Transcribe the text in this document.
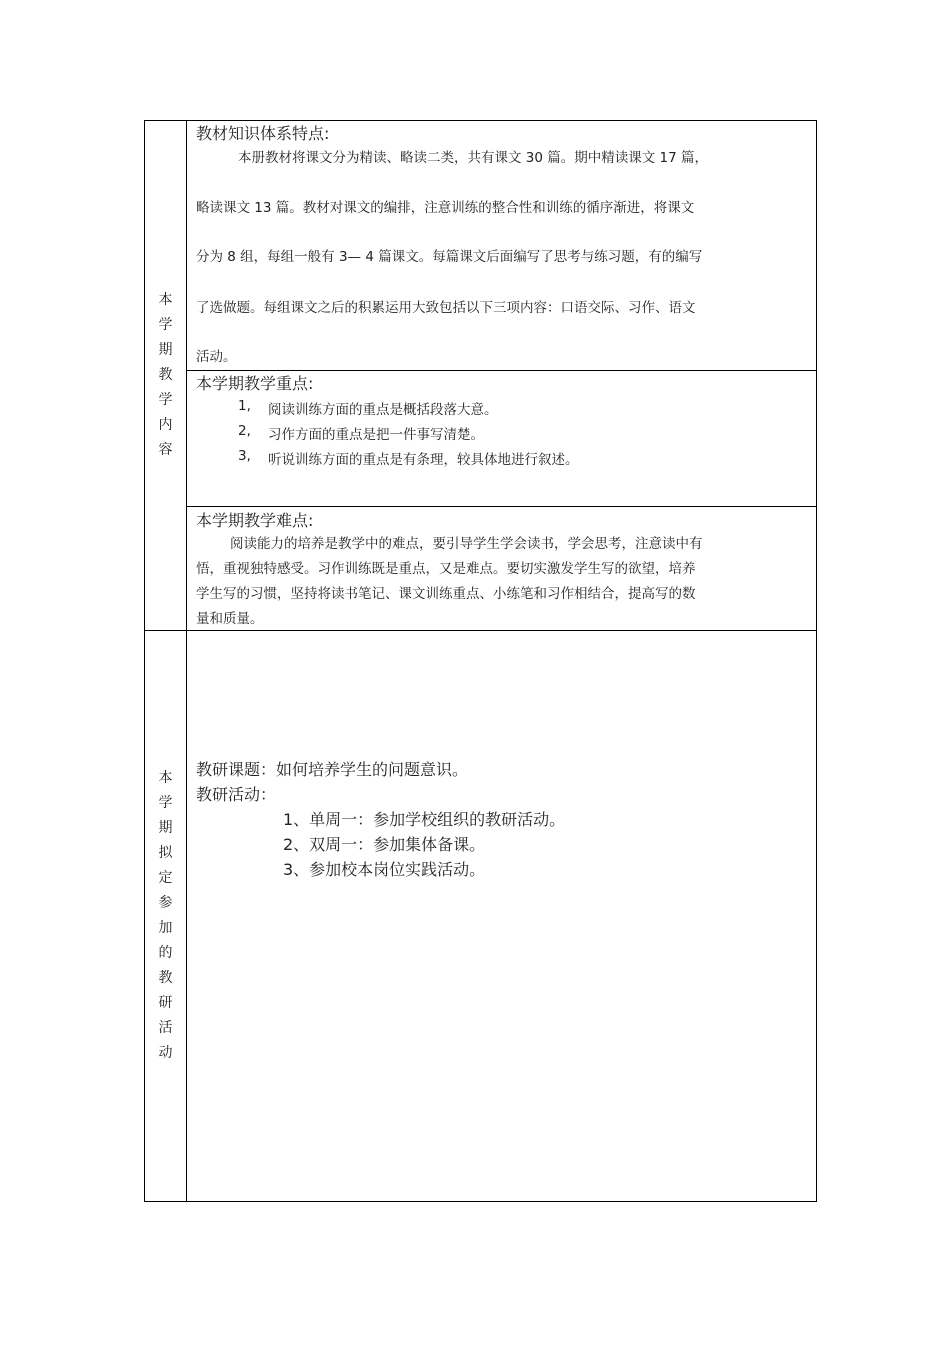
本
学
期
教
学
内
容
本
学
期
拟
定
参
加
的
教
研
活
动
教材知识体系特点:
本册教材将课文分为精读、略读二类，共有课文 30 篇。期中精读课文 17 篇，
略读课文 13 篇。教材对课文的编排，注意训练的整合性和训练的循序渐进，将课文
分为 8 组，每组一般有 3— 4 篇课文。每篇课文后面编写了思考与练习题，有的编写
了选做题。每组课文之后的积累运用大致包括以下三项内容：口语交际、习作、语文
活动。
本学期教学重点:
1, 阅读训练方面的重点是概括段落大意。
2, 习作方面的重点是把一件事写清楚。
3, 听说训练方面的重点是有条理，较具体地进行叙述。
本学期教学难点:
阅读能力的培养是教学中的难点，要引导学生学会读书，学会思考，注意读中有
悟，重视独特感受。习作训练既是重点，又是难点。要切实激发学生写的欲望，培养
学生写的习惯，坚持将读书笔记、课文训练重点、小练笔和习作相结合，提高写的数
量和质量。
教研课题：如何培养学生的问题意识。
教研活动：
1、单周一：参加学校组织的教研活动。
2、双周一：参加集体备课。
3、参加校本岗位实践活动。
